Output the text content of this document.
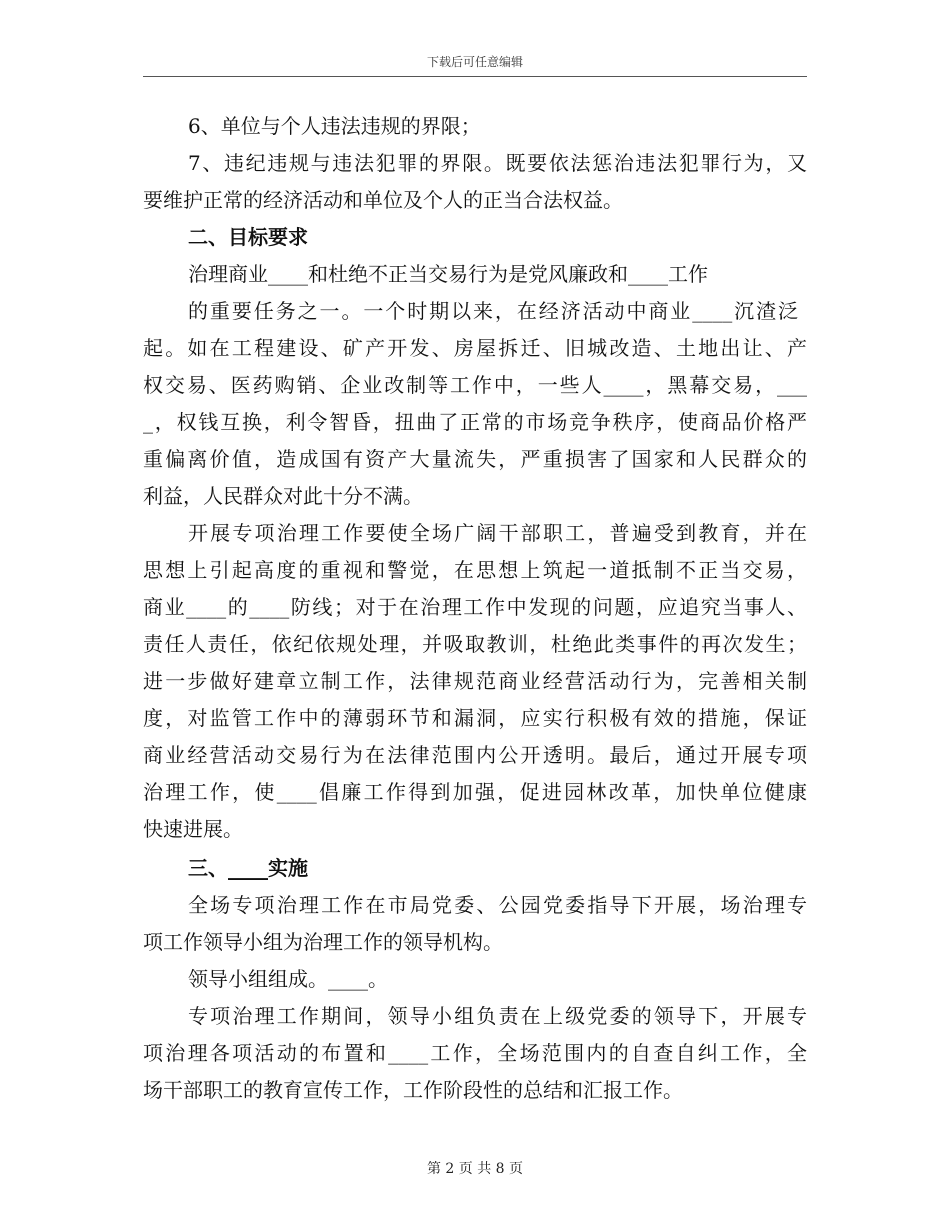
下载后可任意编辑
6、单位与个人违法违规的界限；
7、违纪违规与违法犯罪的界限。既要依法惩治违法犯罪行为，又
要维护正常的经济活动和单位及个人的正当合法权益。
二、目标要求
治理商业____和杜绝不正当交易行为是党风廉政和____工作
的重要任务之一。一个时期以来，在经济活动中商业____沉渣泛
起。如在工程建设、矿产开发、房屋拆迁、旧城改造、土地出让、产
权交易、医药购销、企业改制等工作中，一些人____，黑幕交易，___
_，权钱互换，利令智昏，扭曲了正常的市场竞争秩序，使商品价格严
重偏离价值，造成国有资产大量流失，严重损害了国家和人民群众的
利益，人民群众对此十分不满。
开展专项治理工作要使全场广阔干部职工，普遍受到教育，并在
思想上引起高度的重视和警觉，在思想上筑起一道抵制不正当交易，
商业____的____防线；对于在治理工作中发现的问题，应追究当事人、
责任人责任，依纪依规处理，并吸取教训，杜绝此类事件的再次发生；
进一步做好建章立制工作，法律规范商业经营活动行为，完善相关制
度，对监管工作中的薄弱环节和漏洞，应实行积极有效的措施，保证
商业经营活动交易行为在法律范围内公开透明。最后，通过开展专项
治理工作，使____倡廉工作得到加强，促进园林改革，加快单位健康
快速进展。
三、____实施
全场专项治理工作在市局党委、公园党委指导下开展，场治理专
项工作领导小组为治理工作的领导机构。
领导小组组成。____。
专项治理工作期间，领导小组负责在上级党委的领导下，开展专
项治理各项活动的布置和____工作，全场范围内的自查自纠工作，全
场干部职工的教育宣传工作，工作阶段性的总结和汇报工作。
第 2 页 共 8 页
